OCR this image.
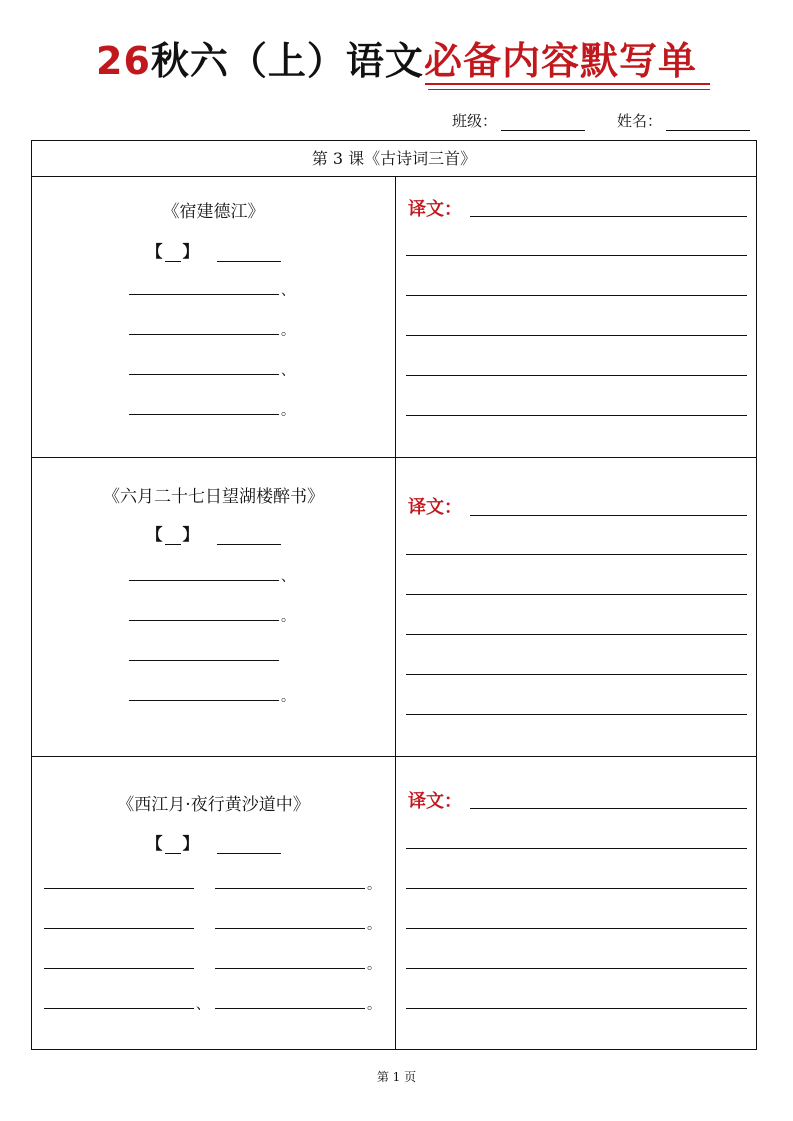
26秋六（上）语文必备内容默写单
班级：	姓名：
第 3 课《古诗词三首》
《宿建德江》
【 】
、
。
、
。
译文：
《六月二十七日望湖楼醉书》
【 】
、
。
。
译文：
《西江月·夜行黄沙道中》
【 】
。
。
。
、	。
译文：
第 1 页
